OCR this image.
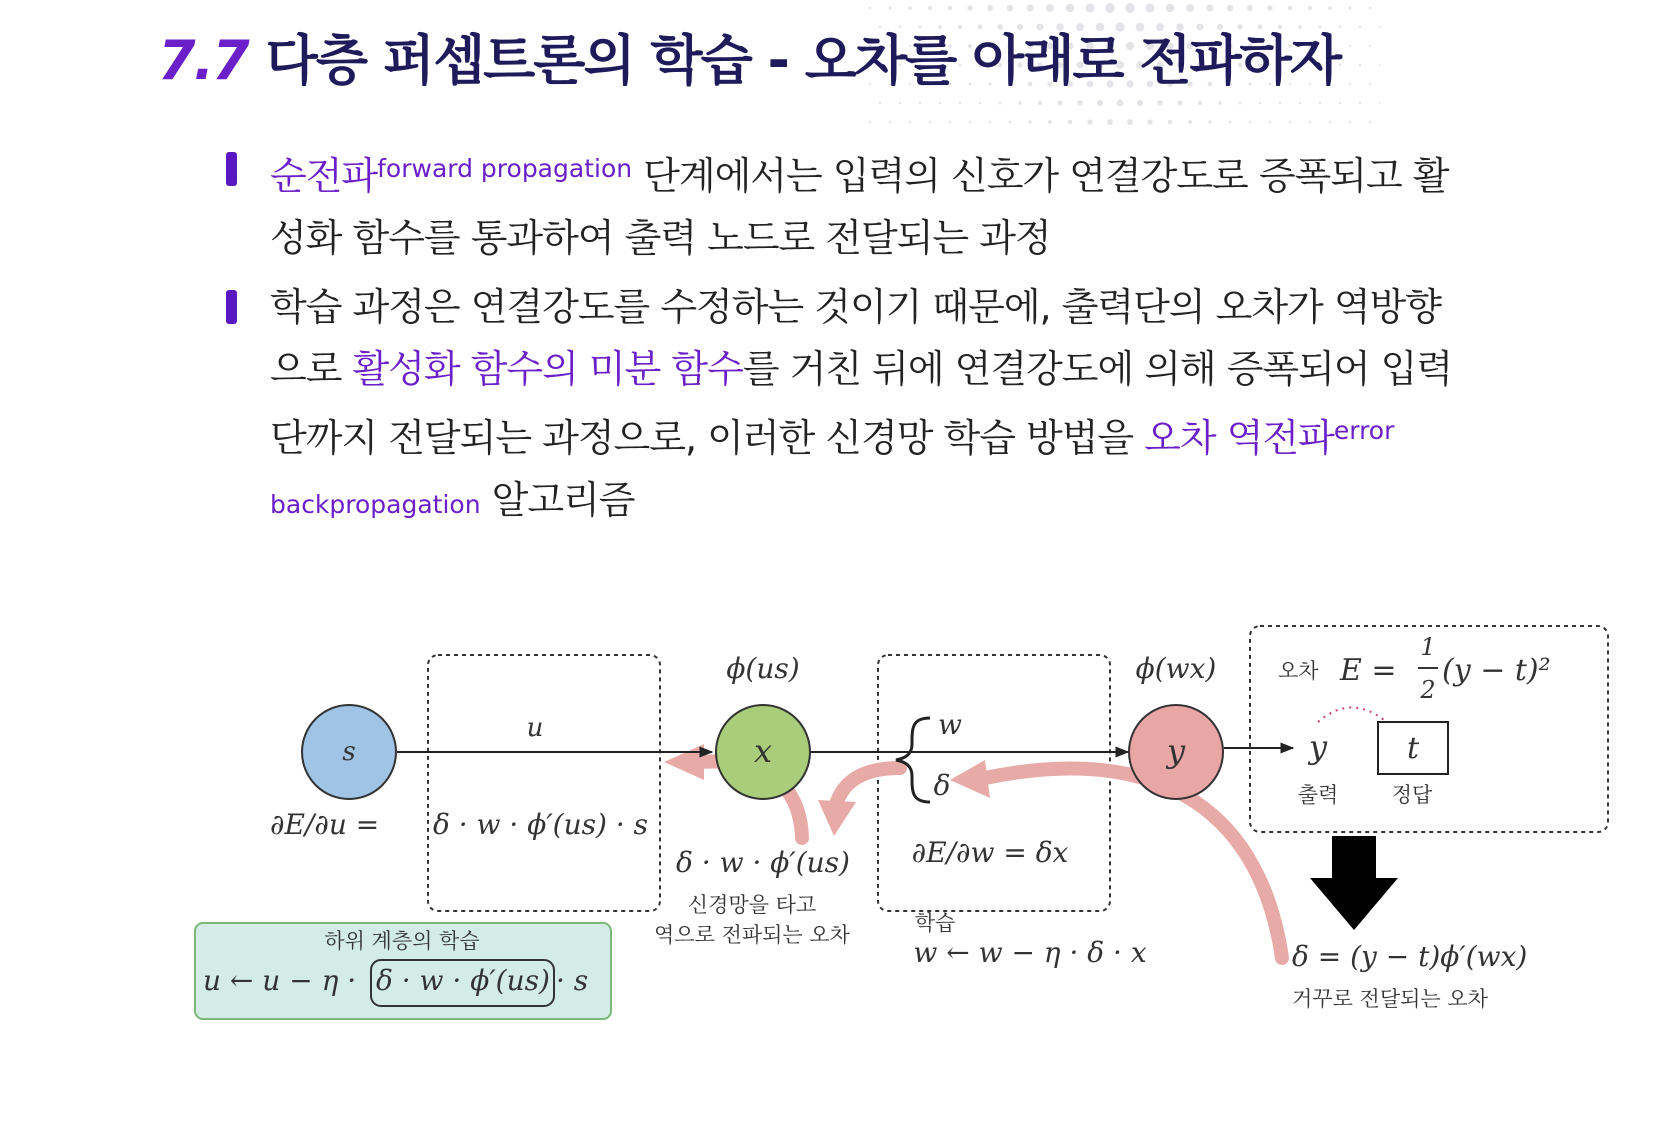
7.7 다층 퍼셉트론의 학습 - 오차를 아래로 전파하자
순전파$^{forward propagation}$ 단계에서는 입력의 신호가 연결강도로 증폭되고 활
성화 함수를 통과하여 출력 노드로 전달되는 과정
학습 과정은 연결강도를 수정하는 것이기 때문에, 출력단의 오차가 역방향
으로 활성화 함수의 미분 함수를 거친 뒤에 연결강도에 의해 증폭되어 입력
단까지 전달되는 과정으로, 이러한 신경망 학습 방법을 오차 역전파$^{error}$
backpropagation 알고리즘
s	x	y
u
ϕ(us)	ϕ(wx)
w
δ
∂E/∂u = δ · w · ϕ′(us) · s
δ · w · ϕ′(us)
신경망을 타고
역으로 전파되는 오차
∂E/∂w = δx
학습
w ← w − η · δ · x
오차 E =
1
2
(y − t)²
y	t
출력	정답
δ = (y − t)ϕ′(wx)
거꾸로 전달되는 오차
하위 계층의 학습
u ← u − η · δ · w · ϕ′(us) · s
